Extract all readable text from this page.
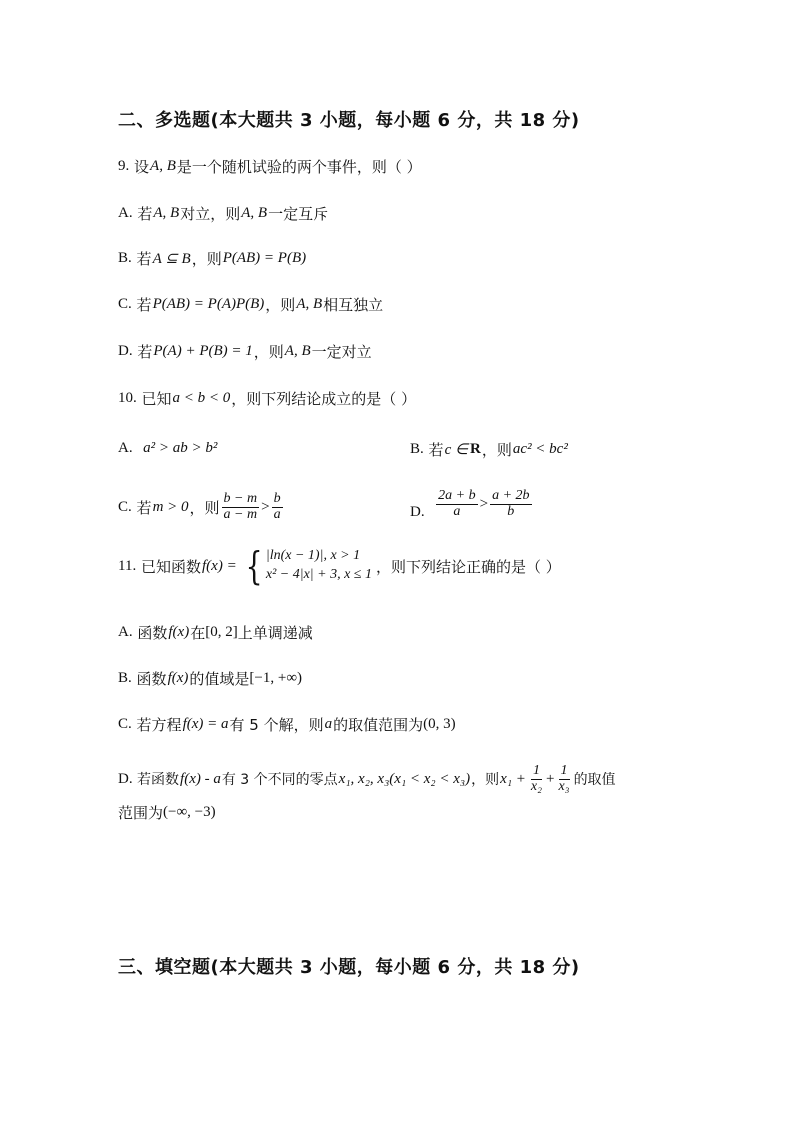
二、多选题(本大题共 3 小题，每小题 6 分，共 18 分)
9.
设 A, B 是一个随机试验的两个事件，则（ ）
A.
若 A, B 对立，则 A, B 一定互斥
B.
若 A ⊆ B ，则 P(AB) = P(B)
C.
若 P(AB) = P(A)P(B) ，则 A, B 相互独立
D.
若 P(A) + P(B) = 1 ，则 A, B 一定对立
10.
已知 a < b < 0 ，则下列结论成立的是（ ）
A.
a² > ab > b²	B.
若 c ∈ R ，则 ac² < bc²
C.
若 m > 0 ，则 $\frac{b - m}{a - m} > \frac{b}{a}$	D.
$\frac{2a + b}{a} > \frac{a + 2b}{b}$
11.
已知函数 f(x) = { |ln(x − 1)|, x > 1
x² − 4|x| + 3, x ≤ 1 ，则下列结论正确的是（ ）
A.
函数 f(x) 在 [0, 2] 上单调递减
B.
函数 f(x) 的值域是 [−1, +∞)
C.
若方程 f(x) = a 有 5 个解，则 a 的取值范围为 (0, 3)
D.
若函数 f(x) - a 有 3 个不同的零点 x₁, x₂, x₃(x₁ < x₂ < x₃) ，则 $x_1 + \frac{1}{\text{x₂}} + \frac{1}{\text{x₃}}$ 的取值
范围为 (−∞, −3)
三、填空题(本大题共 3 小题，每小题 6 分，共 18 分)
